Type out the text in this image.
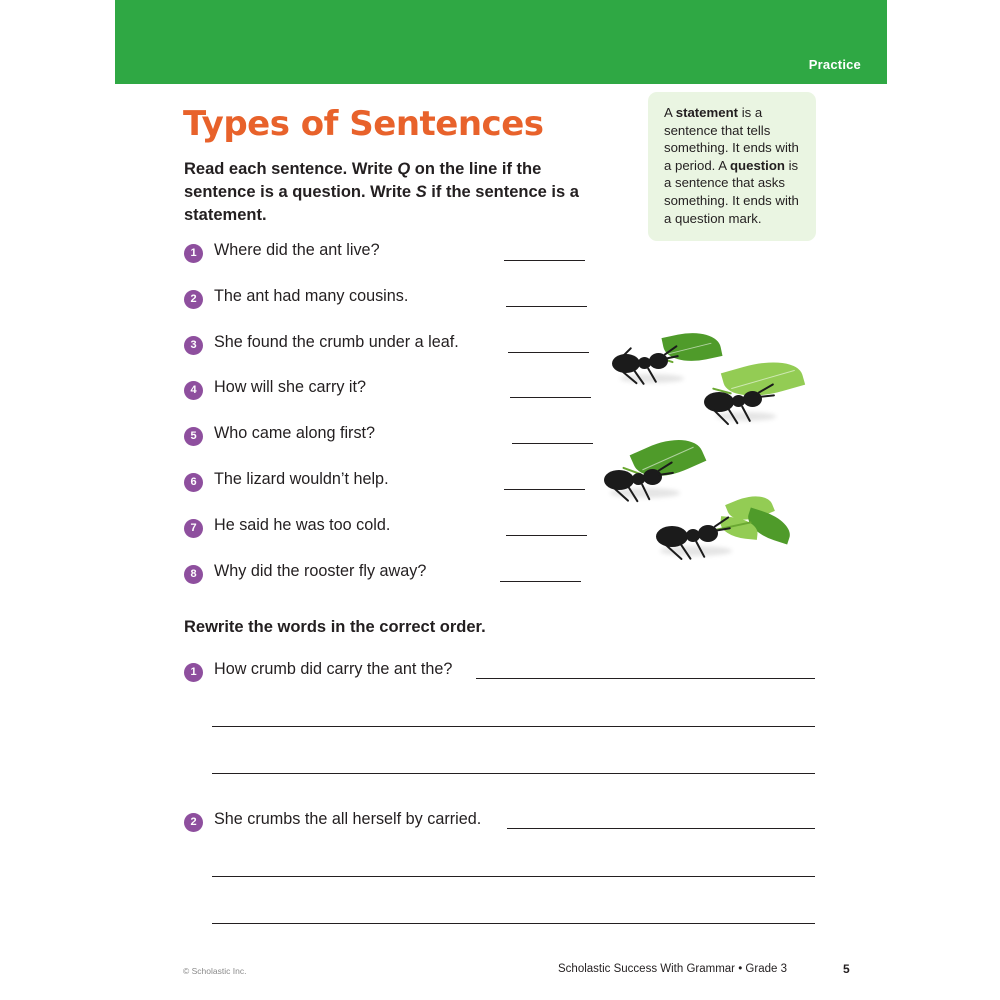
Practice
Types of Sentences
Read each sentence. Write Q on the line if the sentence is a question. Write S if the sentence is a statement.
A statement is a sentence that tells something. It ends with a period. A question is a sentence that asks something. It ends with a question mark.
1	Where did the ant live?
2	The ant had many cousins.
3	She found the crumb under a leaf.
4	How will she carry it?
5	Who came along first?
6	The lizard wouldn’t help.
7	He said he was too cold.
8	Why did the rooster fly away?
Rewrite the words in the correct order.
1	How crumb did carry the ant the?
2	She crumbs the all herself by carried.
© Scholastic Inc.	Scholastic Success With Grammar • Grade 3	5
